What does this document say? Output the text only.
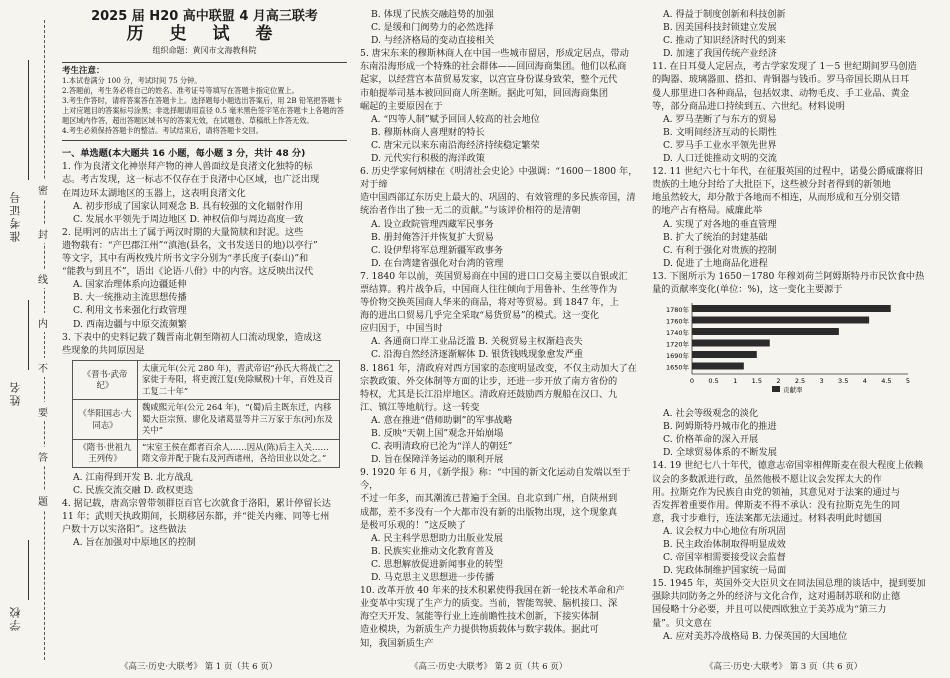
学校
姓名
准考证号 密
封
线
内
不
要
答
题
2025 届 H20 高中联盟 4 月高三联考
历 史 试 卷
组织命题：黄冈市文海教科院
考生注意：
1.本试卷满分 100 分，考试时间 75 分钟。
2.答题前，考生务必将自己的姓名、准考证号等填写在答题卡指定位置上。
3.考生作答时，请将答案答在答题卡上。选择题每小题选出答案后，用 2B 铅笔把答题卡上对应题目的答案标号涂黑；非选择题请用直径 0.5 毫米黑色签字笔在答题卡上各题的答题区域内作答，超出答题区域书写的答案无效，在试题卷、草稿纸上作答无效。
4.考生必须保持答题卡的整洁。考试结束后，请将答题卡交回。
一、单选题(本大题共 16 小题，每小题 3 分，共计 48 分)
1. 作为良渚文化神崇拜产物的神人兽面纹是良渚文化独特的标
志。考古发现，这一标志不仅存在于良渚中心区域，也广泛出现
在周边环太湖地区的玉器上，这表明良渚文化
A. 初步形成了国家认同观念 B. 具有较强的文化辐射作用
C. 发展水平领先于周边地区 D. 神权信仰与周边高度一致
2. 昆明河的店出土了属于两汉时期的大量简牍和封泥。这些
遗物载有：“产巴郡江州”“滇池(县名，文书发送日的地)以亭行”
等文字，其中有两枚残片所书文字分别为“孝氏度子(泰山)”和
“能教与到且不”，语出《论语·八佾》中的内容。这反映出汉代
A. 国家治理体系向边疆延伸
B. 大一统推动主流思想传播
C. 利用文书来强化行政管理
D. 西南边疆与中原交流频繁
3. 下表中的史料记载了魏晋南北朝至隋初人口流动现象，造成这
些现象的共同原因是
《晋书·武帝纪》	太康元年(公元 280 年)，晋武帝诏“孙氏大将战亡之家徙于寿阳，将吏渡江复(免除赋税)十年，百姓及百工复二十年”
《华阳国志·大同志》	魏咸熙元年(公元 264 年)，“(蜀)后主既东迁，内移蜀大臣宗预、廖化及诸葛显等并三万家于东(河)东及关中”
《隋书·世祖九王列传》	“宋室王侯在都者百余人……因从(陈)后主入关……隋文帝并配于陇右及河西诸州，各给田业以处之。”
A. 江南得到开发 B. 北方战乱
C. 民族交流交融 D. 政权更迭
4. 据记载，唐高宗曾带领群臣百官七次就食于洛阳，累计停留长达
11 年；武则天执政期间，长期移居东都，并“徙关内雍、同等七州
户数十万以实洛阳”。这些做法
A. 旨在加强对中原地区的控制
B. 体现了民族交融趋势的加强
C. 是缓和门阀势力的必然选择
D. 与经济格局的变动直接相关
5. 唐宋东来的穆斯林商人在中国一些城市留居，形成定居点，带动
东南沿海形成一个特殊的社会群体——回回海商集团。他们以私商
起家，以经营宫本苗贸易发家，以宫宣身份谋身致荣，整个元代
市舶提举司基本被回回商人所垄断。据此可知，回回海商集团
崛起的主要原因在于
A. “四等人制”赋予回回人较高的社会地位
B. 穆斯林商人喜理财的特长
C. 唐宋元以来东南沿海经济持续稳定繁荣
D. 元代实行积极的海洋政策
6. 历史学家何炳棣在《明清社会史论》中强调：“1600－1800 年，对于缔
造中国西部辽东历史上最大的、巩固的、有效管理的多民族帝国，清
统治者作出了独一无二的贡献。”与该评价相符的是清朝
A. 设立政院管理西藏军民事务
B. 册封俺答汗并恢复扩大贸易
C. 设伊犁将军总理新疆军政事务
D. 在台湾建省强化对台湾的管理
7. 1840 年以前，英国贸易商在中国的进口口交易主要以自银或汇
票结算。鸦片战争后，中国商人往往倾向于用鲁补、生丝等作为
等价物交换英国商人华来的商品，将对等贸易。到 1847 年，上
海的进出口贸易几乎完全采取“易货贸易”的模式。这一变化
应归因于，中国当时
A. 各通商口岸工业品泛滥 B. 关税贸易主权渐趋丧失
C. 沿海自然经济逐渐解体 D. 银货钱贱现象愈发严重
8. 1861 年，清政府对西方国家的态度明显改变，不仅主动加大了在
宗教政策、外交体制等方面的让步，还进一步开放了南方省份的
特权，尤其是长江沿岸地区。清政府还鼓励西方舰船在汉口、九
江、镇江等地航行。这一转变
A. 意在推进“借师助剿”的军事战略
B. 反映“天朝上国”观念开始崩塌
C. 表明清政府已沦为“洋人的朝廷”
D. 旨在保障洋务运动的顺利开展
9. 1920 年 6 月，《新学报》称：“中国的新文化运动自发端以至于今，
不过一年多，而其潮流已普遍于全国。自北京到广州，自陕州到
成都，差不多没有一个大都市没有新的出版物出现，这个现象真
是极可乐观的！”这反映了
A. 民主科学思想助力出版业发展
B. 民族实业推动文化教育普及
C. 思想解放促进新闻事业的转型
D. 马克思主义思想进一步传播
10. 改革开放 40 年来的技术积累使得我国在新一轮技术革命和产
业变革中实现了生产力的质变。当前，智能驾驶、脑机接口、深
海空天开发、氢能等行业上连前瞻性技术创新，下接实体制
造业模块，为新质生产力提供物质载体与数字载体。据此可
知，我国新质生产
A. 得益于制度创新和科技创新
B. 因美国科技封锁建立发展
C. 推动了知识经济时代的到来
D. 加速了我国传统产业经济
11. 在日耳曼人定居点，考古学家发现了 1－5 世纪期间罗马创造
的陶器、玻璃器皿、搭扣、青铜器与钱币。罗马帝国长期从日耳
曼人那里进口各种商品，包括奴隶、动物毛皮、手工业品、黄金
等，部分商品进口持续到五、六世纪。材料说明
A. 罗马垄断了与东方的贸易
B. 文明间经济互动的长期性
C. 罗马手工业水平领先世界
D. 人口迁徙推动文明的交流
12. 11 世纪六七十年代，在征服英国的过程中，诺曼公爵威廉将旧
贵族的土地分封给了大批臣下，这些被分封者得到的新领地
地虽然较大，却分散于各地而不相连，从而形成和互分别交错
的地产占有格局。威廉此举
A. 实现了对各地的垂直管理
B. 扩大了统治的封建基础
C. 有利于强化对贵族的控制
D. 促进了土地商品化进程
13. 下图所示为 1650－1780 年穆刘荷兰阿姆斯特丹市民饮食中热
量的贡献率变化(单位：%)，这一变化主要源于
1780年
1760年
1740年
1720年
1690年
1650年
0 0.5 1 1.5 2 2.5 3 3.5 4 4.5 5
贡献率
A. 社会等级观念的淡化
B. 阿姆斯特丹城市化的推进
C. 价格革命的深入开展
D. 全球贸易体系的不断发展
14. 19 世纪七八十年代，德意志帝国宰相俾斯麦在很大程度上依赖
议会的多数派进行政，虽然他极不愿让议会发挥太大的作
用。拉斯克作为民族自由党的领袖，其意见对于法案的通过与
否发挥着重要作用。俾斯麦不得不承认：没有拉斯克先生的同
意，我寸步难行，连法案都无法通过。材料表明此时德国
A. 议会权力中心地位有所巩固
B. 民主政治体制取得明显成效
C. 帝国宰相需要接受议会监督
D. 宪政体制维护国家统一局面
15. 1945 年，英国外交大臣贝文在同法国总理的谈话中，提到要加
强除共同防务之外的经济与文化合作，这对遏制苏联和防止德
国侵略十分必要，并且可以使西欧独立于美苏成为“第三力
量”。贝文意在
A. 应对美苏冷战格局 B. 力保英国的大国地位
《高三·历史·大联考》 第 1 页（共 6 页）	《高三·历史·大联考》 第 2 页（共 6 页）	《高三·历史·大联考》 第 3 页（共 6 页）
